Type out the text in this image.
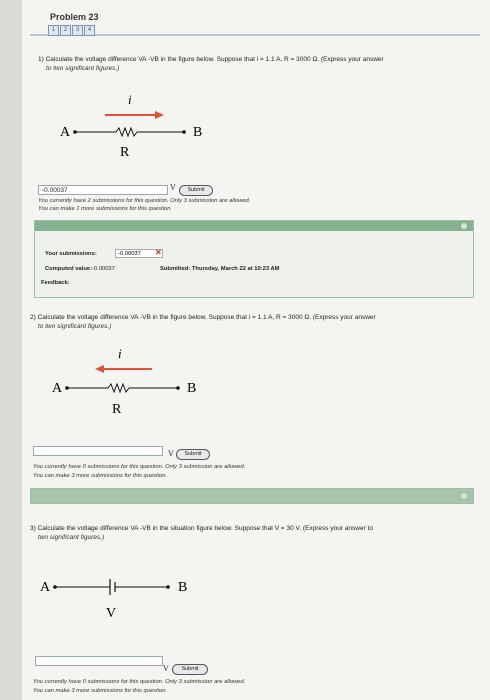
Problem 23
1	2	3	4
1) Calculate the voltage difference VA -VB in the figure below. Suppose that i = 1.1 A, R = 3000 Ω. (Express your answer
to two significant figures.)
i
A	B
R
-0.00037	V	Submit
You currently have 2 submissions for this question. Only 3 submission are allowed.
You can make 1 more submissions for this question.
Your submissions:	-0.00037	✕
Computed value: -0.00037	Submitted: Thursday, March 22 at 10:23 AM
Feedback:
2) Calculate the voltage difference VA -VB in the figure below. Suppose that i = 1.1 A, R = 3000 Ω. (Express your answer
to two significant figures.)
i
A	B
R
V	Submit
You currently have 0 submissions for this question. Only 3 submission are allowed.
You can make 3 more submissions for this question.
3) Calculate the voltage difference VA -VB in the situation figure below. Suppose that V = 30 V. (Express your answer to
two significant figures.)
A	B
V
V	Submit
You currently have 0 submissions for this question. Only 3 submission are allowed.
You can make 3 more submissions for this question.
